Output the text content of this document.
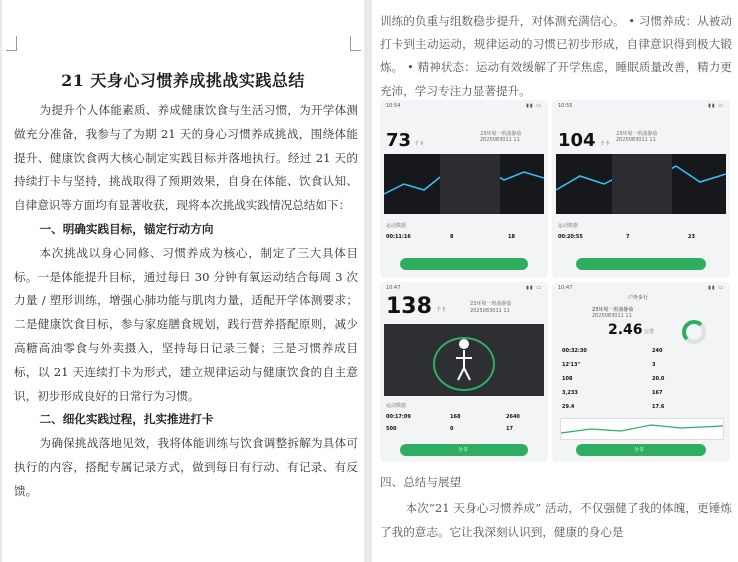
21 天身心习惯养成挑战实践总结

为提升个人体能素质、养成健康饮食与生活习惯，为开学体测做充分准备，我参与了为期 21 天的身心习惯养成挑战，围绕体能提升、健康饮食两大核心制定实践目标并落地执行。经过 21 天的持续打卡与坚持，挑战取得了预期效果，自身在体能、饮食认知、自律意识等方面均有显著收获，现将本次挑战实践情况总结如下：

一、明确实践目标，锚定行动方向

本次挑战以身心同修、习惯养成为核心，制定了三大具体目标。一是体能提升目标，通过每日 30 分钟有氧运动结合每周 3 次力量 / 塑形训练，增强心肺功能与肌肉力量，适配开学体测要求；二是健康饮食目标，参与家庭膳食规划，践行营养搭配原则，减少高糖高油零食与外卖摄入，坚持每日记录三餐；三是习惯养成目标，以 21 天连续打卡为形式，建立规律运动与健康饮食的自主意识，初步形成良好的日常行为习惯。

二、细化实践过程，扎实推进打卡

为确保挑战落地见效，我将体能训练与饮食调整拆解为具体可执行的内容，搭配专属记录方式，做到每日有行动、有记录、有反馈。

训练的负重与组数稳步提升，对体测充满信心。 • 习惯养成：从被动打卡到主动运动，规律运动的习惯已初步形成，自律意识得到极大锻炼。 • 精神状态：运动有效缓解了开学焦虑，睡眠质量改善，精力更充沛，学习专注力显著提升。
10:54	▮▮ ▭
73 千卡
23环境一班曲静茹
2025083011 11
运动数据
00:11:16	8	18
10:55	▮▮ ▭
104 千卡
23环境一班曲静茹
2025083011 11
运动数据
00:20:55	7	23
10:47	▮▮ ▭
138 千卡
23环境一班曲静茹
2025083011 11
运动数据
00:17:09	168	2640
500	0	17
分享
10:47	▮▮ ▭
户外步行
23环境一班曲静茹
2025083011 11
2.46 公里
00:32:30	240
12'13"	3
108	20.0
3,233	167
29.4	17.6
分享
四、总结与展望
本次“21 天身心习惯养成” 活动，不仅强健了我的体魄，更锤炼了我的意志。它让我深刻认识到，健康的身心是
